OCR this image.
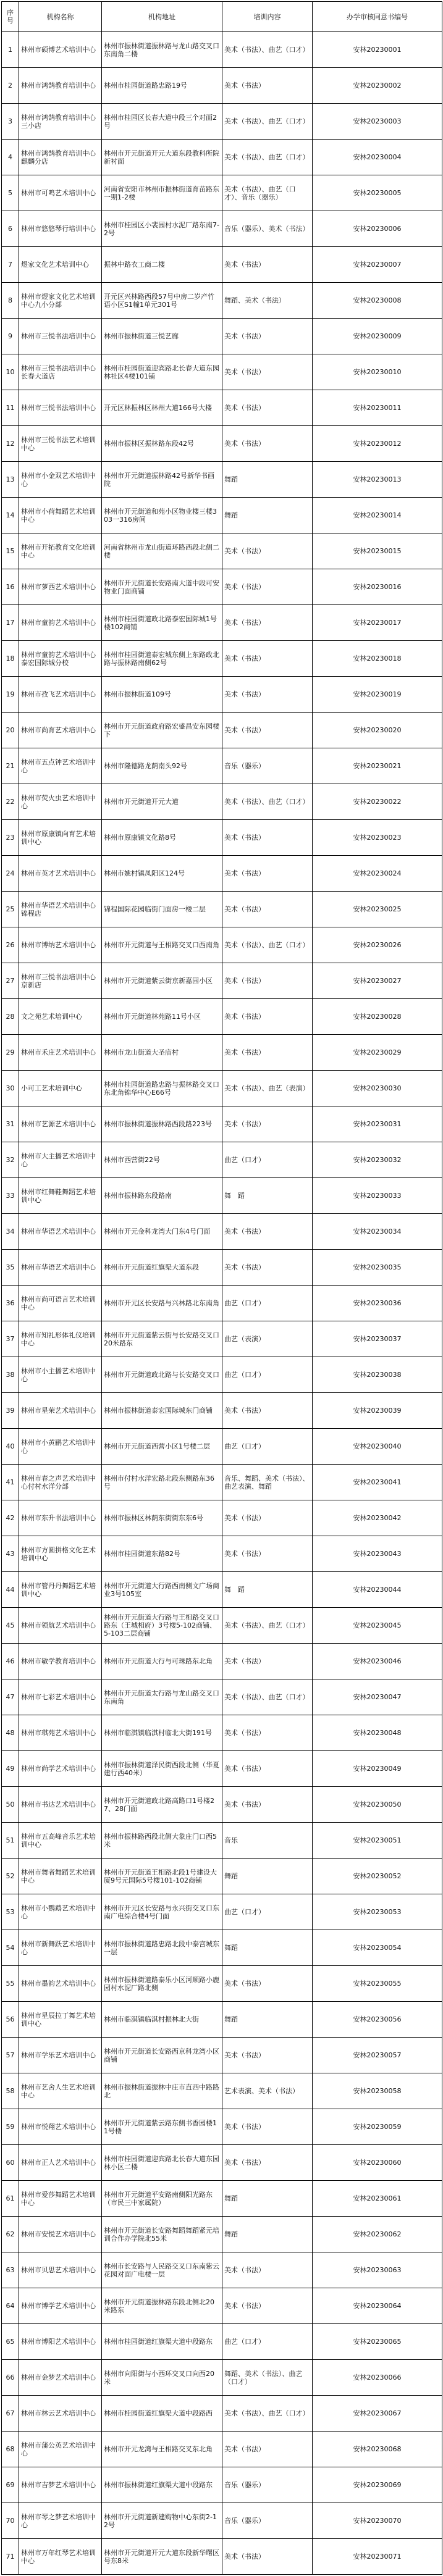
序号	机构名称	机构地址	培训内容	办学审核同意书编号
1	林州市硕博艺术培训中心	林州市振林街道振林路与龙山路交叉口东南角二楼	美术（书法）、曲艺（口才）	安林20230001
2	林州市鸿鹄教育培训中心	林州市桂园街道路忠路19号	美术（书法）	安林20230002
3	林州市鸿鹄教育培训中心三小店	林州市桂园区长春大道中段三个对面2号	美术（书法）、曲艺（口才）	安林20230003
4	林州市鸿鹄教育培训中心麒麟分店	林州市开元街道开元大道东段教科所院新衬面	美术（书法）、曲艺（口才）	安林20230004
5	林州市可鸣艺术培训中心	河南省安阳市林州市振林街道育苗路东一期1-2楼	美术（书法）、曲艺（口才）、音乐（器乐）	安林20230005
6	林州市悠悠琴行培训中心	林州市桂园区小裴园村水泥厂路东南7-2号	音乐（器乐）、美术（书法）	安林20230006
7	煜家文化艺术培训中心	振林中路衣工商二楼	美术（书法）	安林20230007
8	林州市煜家文化艺术培训中心九小分部	开元区兴林路西段57号中房二岁产竹语小区S1幢1单元301号	舞蹈、美术（书法）	安林20230008
9	林州市三悦书法培训中心	林州市振林街道三悦艺廊	美术（书法）	安林20230009
10	林州市三悦书法培训中心长春大道店	林州市桂园街道迎宾路北长春大道东园林社区4楼101铺	美术（书法）	安林20230010
11	林州市三悦书法培训中心	开元区林振林区林州大道166号大楼	美术（书法）	安林20230011
12	林州市三悦书法艺术培训中心	林州市振林区振林路东段42号	美术（书法）	安林20230012
13	林州市小金双艺术培训中心	林州市开元街道振林路42号新华书画院	舞蹈	安林20230013
14	林州市小荷舞蹈艺术培训中心	林州市开元街道和苑小区物业楼三楼303一316房间	舞蹈	安林20230014
15	林州市开拓教育文化培训中心	河南省林州市龙山街道环路西段北侧二楼	美术（书法）	安林20230015
16	林州市萝西艺术培训中心	林州市开元街道长安路南大道中段可安物业门面商铺	美术（书法）	安林20230016
17	林州市童韵艺术培训中心	林州市桂园街道政北路泰宏国际城1号楼102商铺	美术（书法）	安林20230017
18	林州市童韵艺术培训中心泰宏国际城分校	林州市桂园街道泰宏城东侧上东路政北路与振林路南侧62号	美术（书法）	安林20230018
19	林州市孜飞艺术培训中心	林州市振林街道109号	美术（书法）	安林20230019
20	林州市尚育艺术培训中心	林州市开元街道政府路宏盛昌安东园楼下	美术（书法）	安林20230020
21	林州市五点钟艺术培训中心	林州市隆德路龙荫南头92号	音乐（器乐）	安林20230021
22	林州市荧火虫艺术培训中心	林州市开元街道开元大道	美术（书法）、曲艺（口才）	安林20230022
23	林州市原康镇向育艺术培训中心	林州市原康镇文化路8号	美术（书法）	安林20230023
24	林州市英才艺术培训中心	林州市姚村镇凤阳区124号	美术（书法）	安林20230024
25	林州市华语艺术培训中心锦程店	锦程国际花园临街门面房一楼二层	美术（书法）	安林20230025
26	林州市博纳艺术培训中心	林州市开元街道与王相路交叉口西南角	美术（书法）、曲艺（口才）	安林20230026
27	林州市三悦书法培训中心京新店	林州市开元街道紫云街京新嘉园小区	美术（书法）	安林20230027
28	文之苑艺术培训中心	林州市开元街道林苑路11号小区	美术（书法）	安林20230028
29	林州市禾庄艺术培训中心	林州市龙山街道大圣庙村	美术（书法）	安林20230029
30	小可工艺术培训中心	林州市桂园街道路忠路与振林路交叉口东北角锦华中心E66号	美术（书法）、曲艺（表演）	安林20230030
31	林州市艺源艺术培训中心	林州市振林街道振林路西段路223号	美术（书法）	安林20230031
32	林州市大主播艺术培训中心	林州市西营街22号	曲艺（口才）	安林20230032
33	林州市红舞鞋舞蹈艺术培训中心	林州市振林路东段路南	舞　蹈	安林20230033
34	林州市华语艺术培训中心	林州市开元金科龙湾大门东4号门面	美术（书法）	安林20230034
35	林州市华语艺术培训中心	林州市开元街道红旗渠大道东段	美术（书法）	安林20230035
36	林州市尚可语言艺术培训中心	林州市开元区长安路与兴林路北东南角	曲艺（口才）	安林20230036
37	林州市知礼形体礼仪培训中心	林州市开元街道紫云街与长安路交叉口20米路东	曲艺（表演）	安林20230037
38	林州市小主播艺术培训中心	林州市开元街道政北路与长安路交叉口	曲艺（口才）	安林20230038
39	林州市星荣艺术培训中心	林州市振林街道泰宏国际城东门商铺	美术（书法）	安林20230039
40	林州市小黄鹂艺术培训中心	林州市开元街道西营小区1号楼二层	曲艺（口才）	安林20230040
41	林州市春之声艺术培训中心付村水洋分部	林州市付村水洋宏路北段东侧路东36号	音乐、舞蹈、美术（书法）、曲艺表演、舞蹈	安林20230041
42	林州市东升书法培训中心	林州市振林区林荫东街街东东6号	美术（书法）	安林20230042
43	林州市方圆拼格文化艺术培训中心	林州市桂园街道东路82号	美术（书法）	安林20230043
44	林州市管丹丹舞蹈艺术培训中心	林州市开元街道大行路西南侧文广场商业3号105室	舞　蹈	安林20230044
45	林州市领航艺术培训中心	林州市开元街道大行路与王相路交叉口路东（王城相府）3号楼5-102商铺、5-103二层商铺	美术（书法）、曲艺（口才）	安林20230045
46	林州市敏学教育培训中心	林州市开元街道大行与可珠路东北角	美术（书法）	安林20230046
47	林州市七彩艺术培训中心	林州市开元街道太行路与龙山路交叉口东南角	美术（书法）、曲艺（口才）	安林20230047
48	林州市琪苑艺术培训中心	林州市临淇镇临淇村临北大街191号	美术（书法）	安林20230048
49	林州市尚学艺术培训中心	林州市振林街道泽民街西段北侧（华夏建行西40米）	美术（书法）	安林20230049
50	林州市书达艺术培训中心	林州市开元街道政北路高路口1号楼27、28门面	美术（书法）	安林20230050
51	林州市五高峰音乐艺术培训中心	林州市振林路西段北侧大象庄门口西5米	音乐	安林20230051
52	林州市舞者舞蹈艺术培训中心	林州市开元街道王相路北段1号建设大厦9号元国际5号楼101-102商铺	舞蹈	安林20230052
53	林州市小鹦鹉艺术培训中心	林州市开元区长安路与永兴街交叉口东南广电综合楼4号门面	曲艺（口才）	安林20230053
54	林州市新舞跃艺术培训中心	林州市振林街道路忠路北段中泰宫城东一层	舞蹈	安林20230054
55	林州市墨韵艺术培训中心	林州市振林街道路泰乐小区河顺路小鹿园村水泥厂路北侧	美术（书法）	安林20230055
56	林州市星辰拉丁舞艺术培训中心	林州市临淇镇临淇村振林北大街	舞蹈	安林20230056
57	林州市学乐艺术培训中心	林州市开元街道长安路西京科龙湾小区商铺	美术（书法）	安林20230057
58	林州市艺舍人生艺术培训中心	林州市振林街道振林中庄市直西中路路北	艺术表演、美术（书法）	安林20230058
59	林州市悦翔艺术培训中心	林州市开元街道紫云路东侧书香园楼11号楼	美术（书法）	安林20230059
60	林州市正人艺术培训中心	林州市桂园街道迎宾路北长春大道东园林小区二楼	美术（书法）	安林20230060
61	林州市爱莎舞蹈艺术培训中心	林州市开元街道平安路南侧阳光路东（市民三中家属院）	舞蹈	安林20230061
62	林州市安悦艺术培训中心	林州市开元街道长安路舞蹈舞蹈紧元培训合作办学院北55米	舞蹈	安林20230062
63	林州市贝思艺术培训中心	林州市长安路与人民路交叉口东南紫云花园对面广电楼一层	美术（书法）	安林20230063
64	林州市博学艺术培训中心	林州市开元街道振林路东段北侧北20米路东	美术（书法）	安林20230064
65	林州市博阳艺术培训中心	林州市桂园街道红旗渠大道中段路东	曲艺（口才）	安林20230065
66	林州市金梦艺术培训中心	林州市向阳街与小西环交叉口向西20米	舞蹈、美术（书法）、曲艺（口才）	安林20230066
67	林州市林云艺术培训中心	林州市桂园街道红旗渠大道中段路西	美术（书法）、曲艺（口才）	安林20230067
68	林州市蒲公英艺术培训中心	林州市开元龙湾与王相路交叉东北角	美术（书法）	安林20230068
69	林州市吉梦艺术培训中心	林州市振林街道红旗渠大道中段路东	音乐（器乐）	安林20230069
70	林州市琴之梦艺术培训中心	林州市开元街道新建购物中心东街2-12号	音乐（器乐）	安林20230070
71	林州市万年红琴艺术培训中心	林州市开元街道开元大道东段新华曙区号东8米	美术（书法）	安林20230071
